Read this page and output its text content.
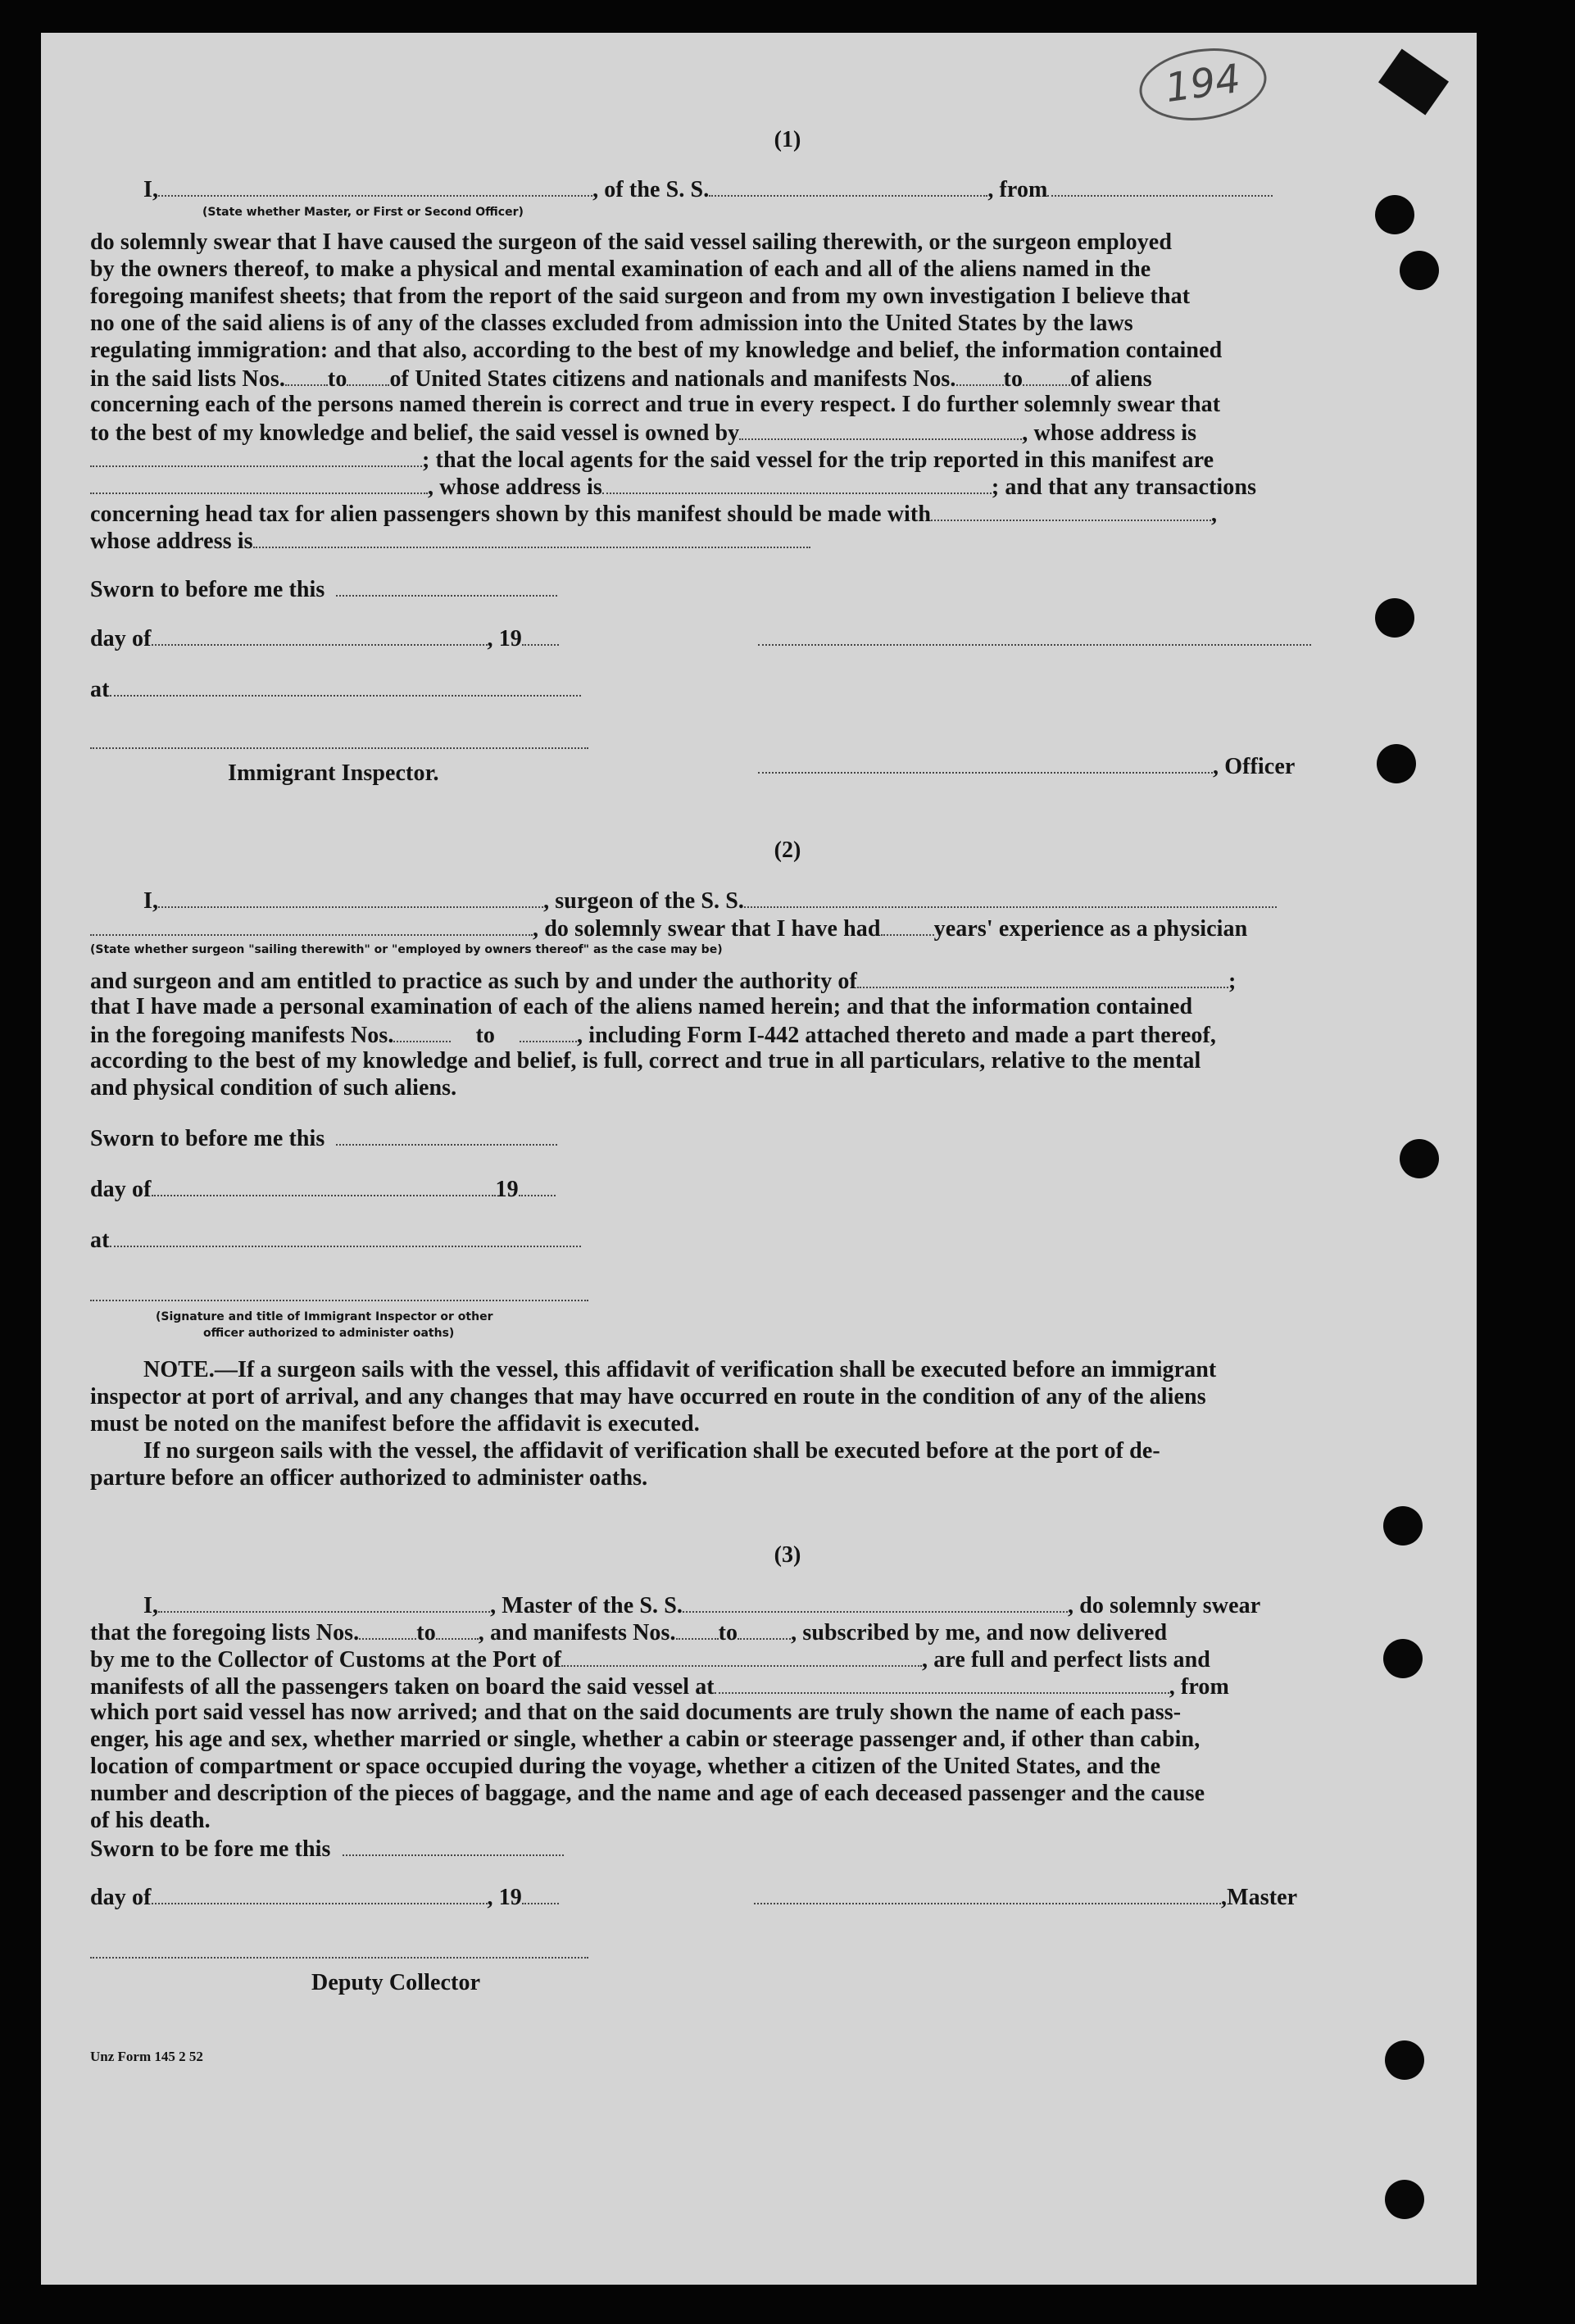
194
(1)
I,	, of the S. S.	, from
(State whether Master, or First or Second Officer)
do solemnly swear that I have caused the surgeon of the said vessel sailing therewith, or the surgeon employed
by the owners thereof, to make a physical and mental examination of each and all of the aliens named in the
foregoing manifest sheets; that from the report of the said surgeon and from my own investigation I believe that
no one of the said aliens is of any of the classes excluded from admission into the United States by the laws
regulating immigration: and that also, according to the best of my knowledge and belief, the information contained
in the said lists Nos. to of United States citizens and nationals and manifests Nos. to of aliens
concerning each of the persons named therein is correct and true in every respect. I do further solemnly swear that
to the best of my knowledge and belief, the said vessel is owned by	, whose address is
; that the local agents for the said vessel for the trip reported in this manifest are
, whose address is	; and that any transactions
concerning head tax for alien passengers shown by this manifest should be made with	,
whose address is
Sworn to before me this
day of	, 19
at
Immigrant Inspector.	, Officer
(2)
I,	, surgeon of the S. S.
, do solemnly swear that I have had years' experience as a physician
(State whether surgeon "sailing therewith" or "employed by owners thereof" as the case may be)
and surgeon and am entitled to practice as such by and under the authority of	;
that I have made a personal examination of each of the aliens named herein; and that the information contained
in the foregoing manifests Nos.	to	, including Form I-442 attached thereto and made a part thereof,
according to the best of my knowledge and belief, is full, correct and true in all particulars, relative to the mental
and physical condition of such aliens.
Sworn to before me this
day of	19
at
(Signature and title of Immigrant Inspector or other
officer authorized to administer oaths)
NOTE.—If a surgeon sails with the vessel, this affidavit of verification shall be executed before an immigrant
inspector at port of arrival, and any changes that may have occurred en route in the condition of any of the aliens
must be noted on the manifest before the affidavit is executed.
If no surgeon sails with the vessel, the affidavit of verification shall be executed before at the port of de-
parture before an officer authorized to administer oaths.
(3)
I,	, Master of the S. S.	, do solemnly swear
that the foregoing lists Nos.	to , and manifests Nos. to , subscribed by me, and now delivered
by me to the Collector of Customs at the Port of	, are full and perfect lists and
manifests of all the passengers taken on board the said vessel at	, from
which port said vessel has now arrived; and that on the said documents are truly shown the name of each pass-
enger, his age and sex, whether married or single, whether a cabin or steerage passenger and, if other than cabin,
location of compartment or space occupied during the voyage, whether a citizen of the United States, and the
number and description of the pieces of baggage, and the name and age of each deceased passenger and the cause
of his death.
Sworn to be fore me this
day of	, 19	,Master
Deputy Collector
Unz Form 145 2 52
